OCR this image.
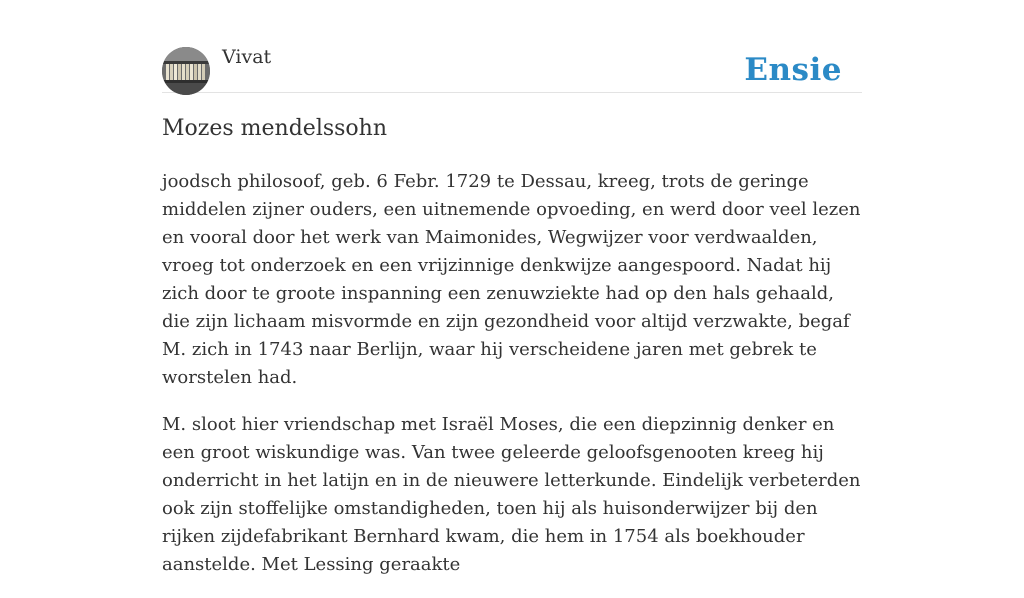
Vivat	Ensie
Mozes mendelssohn

joodsch philosoof, geb. 6 Febr. 1729 te Dessau, kreeg, trots de geringe middelen zijner ouders, een uitnemende opvoeding, en werd door veel lezen en vooral door het werk van Maimonides, Wegwijzer voor verdwaalden, vroeg tot onderzoek en een vrijzinnige denkwijze aangespoord. Nadat hij zich door te groote inspanning een zenuwziekte had op den hals gehaald, die zijn lichaam misvormde en zijn gezondheid voor altijd verzwakte, begaf M. zich in 1743 naar Berlijn, waar hij verscheidene jaren met gebrek te worstelen had.

M. sloot hier vriendschap met Israël Moses, die een diepzinnig denker en een groot wiskundige was. Van twee geleerde geloofsgenooten kreeg hij onderricht in het latijn en in de nieuwere letterkunde. Eindelijk verbeterden ook zijn stoffelijke omstandigheden, toen hij als huisonderwijzer bij den rijken zijdefabrikant Bernhard kwam, die hem in 1754 als boekhouder aanstelde. Met Lessing geraakte
